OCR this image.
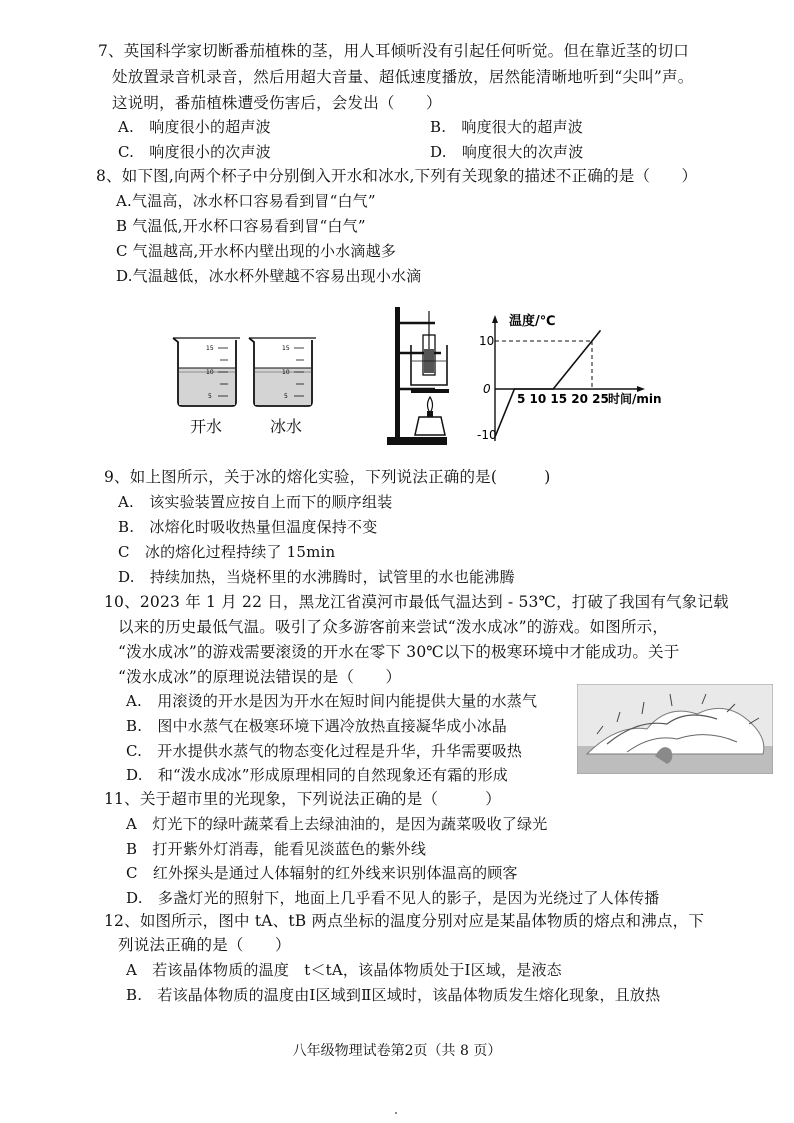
7、英国科学家切断番茄植株的茎，用人耳倾听没有引起任何听觉。但在靠近茎的切口
处放置录音机录音，然后用超大音量、超低速度播放，居然能清晰地听到“尖叫”声。
这说明，番茄植株遭受伤害后，会发出（　　）
A.　响度很小的超声波	B.　响度很大的超声波
C.　响度很小的次声波	D.　响度很大的次声波
8、如下图,向两个杯子中分别倒入开水和冰水,下列有关现象的描述不正确的是（　　）
A.气温高，冰水杯口容易看到冒“白气”
B 气温低,开水杯口容易看到冒“白气”
C 气温越高,开水杯内壁出现的小水滴越多
D.气温越低，冰水杯外壁越不容易出现小水滴
15
10
5
15
10
5
开水	冰水
温度/℃
时间/min
10
0
-10
5 10 15 20 25
9、如上图所示，关于冰的熔化实验，下列说法正确的是(　　　)
A.　该实验装置应按自上而下的顺序组装
B.　冰熔化时吸收热量但温度保持不变
C　冰的熔化过程持续了 15min
D.　持续加热，当烧杯里的水沸腾时，试管里的水也能沸腾
10、2023 年 1 月 22 日，黑龙江省漠河市最低气温达到 - 53℃，打破了我国有气象记载
以来的历史最低气温。吸引了众多游客前来尝试“泼水成冰”的游戏。如图所示，
“泼水成冰”的游戏需要滚烫的开水在零下 30℃以下的极寒环境中才能成功。关于
“泼水成冰”的原理说法错误的是（　　）
A.　用滚烫的开水是因为开水在短时间内能提供大量的水蒸气
B.　图中水蒸气在极寒环境下遇冷放热直接凝华成小冰晶
C.　开水提供水蒸气的物态变化过程是升华，升华需要吸热
D.　和“泼水成冰”形成原理相同的自然现象还有霜的形成
11、关于超市里的光现象，下列说法正确的是（　　　）
A　灯光下的绿叶蔬菜看上去绿油油的，是因为蔬菜吸收了绿光
B　打开紫外灯消毒，能看见淡蓝色的紫外线
C　红外探头是通过人体辐射的红外线来识别体温高的顾客
D.　多盏灯光的照射下，地面上几乎看不见人的影子，是因为光绕过了人体传播
12、如图所示，图中 tA、tB 两点坐标的温度分别对应是某晶体物质的熔点和沸点，下
列说法正确的是（　　）
A　若该晶体物质的温度　t＜tA，该晶体物质处于Ⅰ区域，是液态
B.　若该晶体物质的温度由Ⅰ区域到Ⅱ区域时，该晶体物质发生熔化现象，且放热
八年级物理试卷第2页（共 8 页）
